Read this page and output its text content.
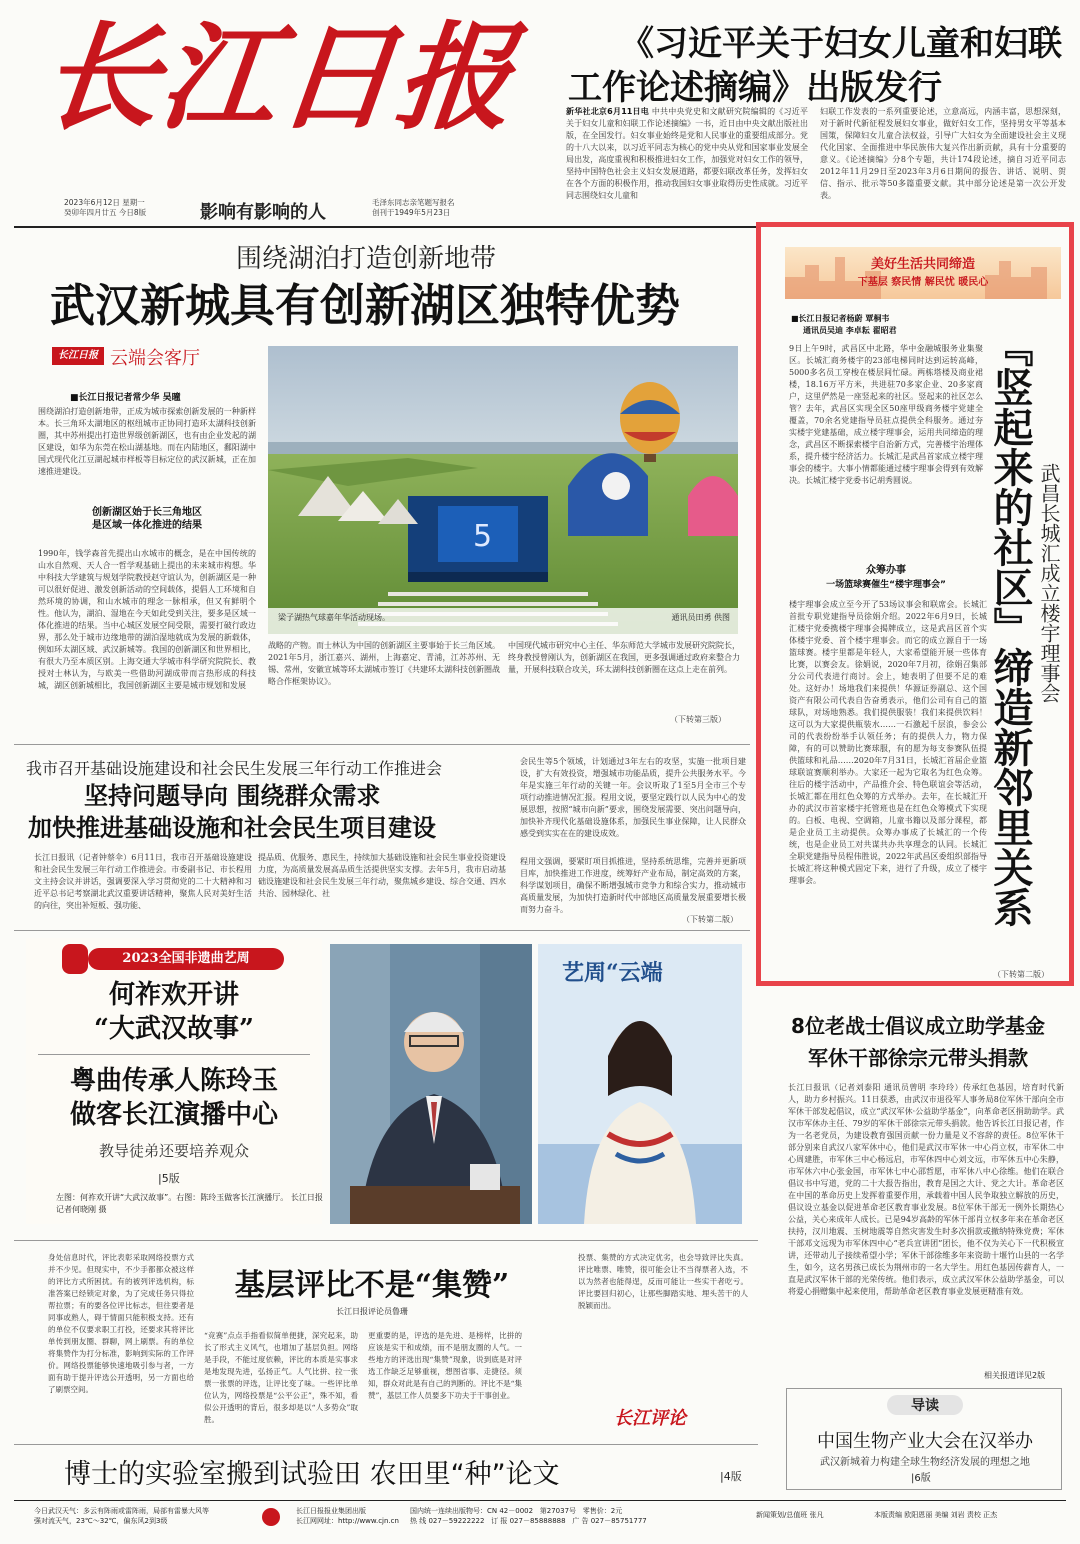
长江日报
2023年6月12日 星期一
癸卯年四月廿五 今日8版	影响有影响的人	毛泽东同志亲笔题写报名
创刊于1949年5月23日
《习近平关于妇女儿童和妇联
工作论述摘编》出版发行
新华社北京6月11日电 中共中央党史和文献研究院编辑的《习近平关于妇女儿童和妇联工作论述摘编》一书，近日由中央文献出版社出版，在全国发行。妇女事业始终是党和人民事业的重要组成部分。党的十八大以来，以习近平同志为核心的党中央从党和国家事业发展全局出发，高度重视和积极推进妇女工作，加强党对妇女工作的领导，坚持中国特色社会主义妇女发展道路，都要妇联改革任务，发挥妇女在各个方面的积极作用，推动我国妇女事业取得历史性成就。习近平同志围绕妇女儿童和
妇联工作发表的一系列重要论述，立意高远，内涵丰富，思想深刻，对于新时代新征程发展妇女事业，做好妇女工作，坚持男女平等基本国策，保障妇女儿童合法权益，引导广大妇女为全面建设社会主义现代化国家、全面推进中华民族伟大复兴作出新贡献，具有十分重要的意义。《论述摘编》分8个专题，共计174段论述，摘自习近平同志2012年11月29日至2023年3月6日期间的报告、讲话、说明、贺信、指示、批示等50多篇重要文献。其中部分论述是第一次公开发表。
围绕湖泊打造创新地带
武汉新城具有创新湖区独特优势
长江日报 云端会客厅
■长江日报记者常少华 吴曈
围绕湖泊打造创新地带，正成为城市探索创新发展的一种新样本。长三角环太湖地区的枢纽城市正协同打造环太湖科技创新圈，其中苏州提出打造世界级创新湖区，也有由企业发起的湖区建设，如华为东莞在松山湖基地。而在内陆地区，鄱阳湖中国式现代化江豆湖起城市样板等目标定位的武汉新城，正在加速推进建设。
创新湖区始于长三角地区
是区域一体化推进的结果
1990年，钱学森首先提出山水城市的概念，是在中国传统的山水自然观、天人合一哲学观基础上提出的未来城市构想。华中科技大学建筑与规划学院教授赵守谊认为，创新湖区是一种可以很好促进、激发创新活动的空间载体，提倡人工环境和自然环境的协调，和山水城市的理念一脉相承，但又有鲜明个性。他认为，湖泊、湿地在今天如此受到关注，要多是区域一体化推进的结果。当中心城区发展空间受限，需要打破行政边界，那么处于城市边缘地带的湖泊湿地就成为发展的新载体，例如环太湖区域、武汉新城等。我国的创新湖区和世界相比，有很大乃至本质区别。上海交通大学城市科学研究院院长、教授对士林认为，与欧美一些借助河湖成带而言热形成的科技城，湖区创新城相比，我国创新湖区主要是城市规划和发展
5
梁子湖热气球嘉年华活动现场。	通讯员田勇 供图
战略的产物。而士林认为中国的创新湖区主要事始于长三角区域。2021年5月，浙江嘉兴、湖州，上海嘉定、青浦，江苏苏州、无锡、常州，安徽宣城等环太湖城市签订《共建环太湖科技创新圈战略合作框架协议》。
中国现代城市研究中心主任、华东师范大学城市发展研究院院长，终身教授曾刚认为，创新湖区在我国，更多强调通过政府来整合力量，开展科技联合攻关，环太湖科技创新圈在这点上走在前列。
（下转第三版）
我市召开基础设施建设和社会民生发展三年行动工作推进会
坚持问题导向 围绕群众需求
加快推进基础设施和社会民生项目建设
长江日报讯（记者钟蔡伞）6月11日，我市召开基础设施建设和社会民生发展三年行动工作推进会。市委副书记、市长程用文主持会议并讲话，强调要深入学习贯彻党的二十大精神和习近平总书记考察湖北武汉重要讲话精神，聚焦人民对美好生活的向往，突出补短板、强功能、
提品质、优服务、惠民生，持续加大基础设施和社会民生事业投资建设力度，为高质量发展高品质生活提供坚实支撑。去年5月，我市启动基础设施建设和社会民生发展三年行动，聚焦城乡建设、综合交通、四水共治、园林绿化、社
会民生等5个领域，计划通过3年左右的攻坚，实施一批项目建设，扩大有效投资，增强城市功能品质，提升公共服务水平。今年是实施三年行动的关键一年。会议听取了1至5月全市三个专项行动推进情况汇报。程用文说，要坚定践行以人民为中心的发展思想，按照“城市向新”要求，围绕发展需要、突出问题导向，加快补齐现代化基础设施体系，加强民生事业保障，让人民群众感受到实实在在的建设成效。
程用文强调，要紧盯项目抓推进，坚持系统思维，完善并更新项目库，加快推进工作进度，统筹好产业布局，制定高效的方案，科学谋划项目，确保不断增强城市竞争力和综合实力，推动城市高质量发展，为加快打造新时代中部地区高质量发展重要增长极而努力奋斗。
（下转第二版）
2023全国非遗曲艺周
何祚欢开讲
“大武汉故事”
粤曲传承人陈玲玉
做客长江演播中心
教导徒弟还要培养观众
|5版
左图：何祚欢开讲“大武汉故事”。右图：陈玲玉做客长江演播厅。 长江日报记者何晓刚 摄
艺周“云端
美好生活共同缔造
下基层 察民情 解民忧 暖民心
■长江日报记者杨蔚 覃桐韦
通讯员吴迪 李卓耘 翟昭君
9日上午9时，武昌区中北路，华中金融城服务业集聚区。长城汇商务楼宇的23部电梯同时达到运转高峰，5000多名员工穿梭在楼层间忙碌。两栋塔楼及商业裙楼，18.16万平方米，共进驻70多家企业、20多家商户，这里俨然是一座竖起来的社区。竖起来的社区怎么管？去年，武昌区实现全区50座甲级商务楼宇党建全覆盖，70余名党建指导员驻点提供全科服务。通过夯实楼宇党建基础，成立楼宇理事会，运用共同缔造的理念，武昌区不断探索楼宇自治新方式，完善楼宇治理体系，提升楼宇经济活力。长城汇是武昌首家成立楼宇理事会的楼宇。大事小情都能通过楼宇理事会得到有效解决。长城汇楼宇党委书记胡秀圆说。
众筹办事
一场篮球赛催生“楼宇理事会”
楼宇理事会成立至今开了53场议事会和联席会。长城汇首批专职党建指导员徐娟介绍。2022年6月9日，长城汇楼宇党委携楼宇理事会揭牌成立，这是武昌区首个实体楼宇党委、首个楼宇理事会。而它的成立源自于一场篮球赛。楼宇里都是年轻人，大家希望能开展一些体育比赛，以赛会友。徐娟说，2020年7月初，徐娟召集部分公司代表进行商讨。会上，她表明了但要不足的难处。这好办！场地我们来提供！华源证券副总、这个国资产有限公司代表自告奋勇表示，他们公司有自己的篮球队，对场地熟悉。我们提供服装！我们来提供饮料！这可以为大家提供瓶装水……一石激起千层浪，参会公司的代表纷纷举手认领任务；有的提供人力，物力保障，有的可以赞助比赛球服，有的愿为每支参赛队伍提供篮球和礼品……2020年7月31日，长城汇首届企业篮球联谊赛顺利举办。大家还一起为它取名为红色众筹。往后的楼宇活动中，产品推介会、特色联谊会等活动，长城汇都在用红色众筹的方式举办。去年，在长城汇开办的武汉市首家楼宇托管班也是在红色众筹模式下实现的。白板、电视、空调箱，儿童书籍以及部分课程，都是企业员工主动提供。众筹办事成了长城汇的一个传统，也是企业员工对共谋共办共享理念的认同。长城汇全职党建指导员程伟胜说，2022年武昌区委组织部指导长城汇将这种模式固定下来，进行了升级，成立了楼宇理事会。
（下转第二版）
『竖起来的社区』缔造新邻里关系 武昌长城汇成立楼宇理事会
8位老战士倡议成立助学基金
军休干部徐宗元带头捐款
长江日报讯（记者刘泰阳 通讯员曾明 李玲玲）传承红色基因，培育时代新人，助力乡村振兴。11日获悉，由武汉市退役军人事务局8位军休干部向全市军休干部发起倡议，成立“武汉军休·公益助学基金”，向革命老区捐助助学。武汉市军休办主任、79岁的军休干部徐宗元带头捐款。他告诉长江日报记者，作为一名老党员，为建设教育强国贡献一份力量是义不容辞的责任。8位军休干部分别来自武汉八家军休中心，他们是武汉市军休一中心肖立权，市军休二中心周建胜，市军休三中心杨远启，市军休四中心刘文远，市军休五中心朱静，市军休六中心张金国，市军休七中心邵哲愿，市军休八中心徐维。他们在联合倡议书中写道，党的二十大报告指出，教育是国之大计、党之大计。革命老区在中国的革命历史上发挥着重要作用，承载着中国人民争取独立解放的历史，倡议设立基金以促进革命老区教育事业发展。8位军休干部无一例外长期热心公益，关心来成年人成长。已是94岁高龄的军休干部肖立权多年来在革命老区扶持，汉川地震、玉树地震等自然灾害发生时多次捐款或撤纳特殊党费；军休干部邓文远现为市军休四中心“老兵宣讲团”团长，他不仅为关心下一代积极宣讲，还带动儿子接续希望小学；军休干部徐维多年来资助十堰竹山县的一名学生，如今，这名男孩已成长为荆州市的一名大学生。用红色基因传薪育人，一直是武汉军休干部的光荣传统。他们表示，成立武汉军休公益助学基金，可以将爱心捐赠集中起来使用，帮助革命老区教育事业发展更精准有效。
相关报道详见2版
导读
中国生物产业大会在汉举办
武汉新城着力构建全球生物经济发展的理想之地
|6版
身处信息时代，评比表彰采取网络投票方式并不少见。但现实中，不少手都都众被这样的评比方式所困扰。有的被列评选机构，标准答案已经锁定对象，为了完成任务只得拉帮拉票；有的要各位评比标志，但往要者是同事或熟人，碍于情面只能积极支持。还有的单位不仅要求职工打投，还要求其将评比单传到朋友圈、群聊，网上刷票。有的单位将集赞作为打分标准，影响到实际的工作评价。网络投票能够快速地吸引参与者，一方面有助于提升评选公开透明，另一方面也给了刷票空间。
基层评比不是“集赞”
长江日报评论员鲁珊
“竞赛”点点手指看似简单便捷，深究起来，助长了形式主义风气，也增加了基层负担。网络是手段，不能过度依赖，评比的本质是实事求是地发现先进，弘扬正气。人气比拼、拉一张票一张票的评选，让评比变了味。一些评比单位认为，网络投票是“公平公正”，殊不知，看似公开透明的背后，很多却是以“人多势众”取胜。
更重要的是，评选的是先进、是榜样，比拼的应该是实干和成绩，而不是朋友圈的人气。一些地方的评选出现“集赞”现象，说到底是对评选工作缺乏足够重视，想图省事、走捷径。须知，群众对此是有自己的判断的。评比不是“集赞”，基层工作人员要多下功夫于干事创业。
投票、集赞的方式决定优劣，也会导致评比失真。评比唯票、唯赞，很可能会让不当得票者入选，不以为然者也能得逞，反而可能让一些实干者吃亏。评比要回归初心，让那些脚踏实地、埋头苦干的人脱颖而出。
长江评论
博士的实验室搬到试验田 农田里“种”论文	|4版
今日武汉天气：多云有阵雨或雷阵雨，局部有雷暴大风等
强对流天气，23℃～32℃，偏东风2到3级
长江日报报业集团出版
长江网网址：http://www.cjn.cn
国内统一连续出版物号：CN 42－0002 第27037号 零售价：2元
热 线 027－59222222 订 报 027－85888888 广 告 027－85751777
新闻策划/总值班 张凡	本版责编 欧阳恩丽 美编 刘岩 责校 正杰
